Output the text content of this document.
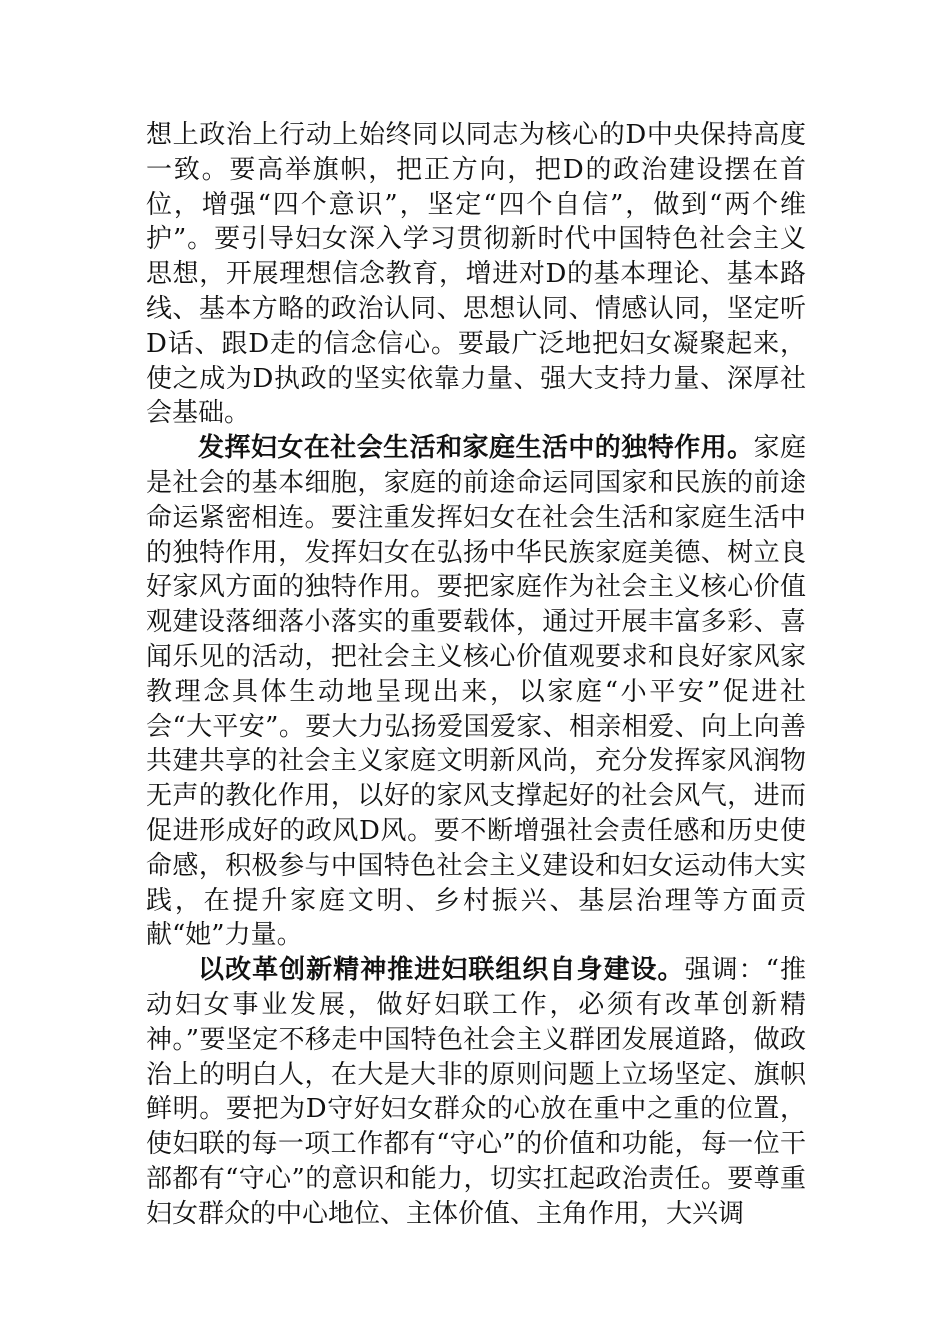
想上政治上行动上始终同以同志为核心的D中央保持高度一致。要高举旗帜，把正方向，把D的政治建设摆在首位，增强“四个意识”，坚定“四个自信”，做到“两个维护”。要引导妇女深入学习贯彻新时代中国特色社会主义思想，开展理想信念教育，增进对D的基本理论、基本路线、基本方略的政治认同、思想认同、情感认同，坚定听D话、跟D走的信念信心。要最广泛地把妇女凝聚起来，使之成为D执政的坚实依靠力量、强大支持力量、深厚社会基础。

发挥妇女在社会生活和家庭生活中的独特作用。家庭是社会的基本细胞，家庭的前途命运同国家和民族的前途命运紧密相连。要注重发挥妇女在社会生活和家庭生活中的独特作用，发挥妇女在弘扬中华民族家庭美德、树立良好家风方面的独特作用。要把家庭作为社会主义核心价值观建设落细落小落实的重要载体，通过开展丰富多彩、喜闻乐见的活动，把社会主义核心价值观要求和良好家风家教理念具体生动地呈现出来，以家庭“小平安”促进社会“大平安”。要大力弘扬爱国爱家、相亲相爱、向上向善共建共享的社会主义家庭文明新风尚，充分发挥家风润物无声的教化作用，以好的家风支撑起好的社会风气，进而促进形成好的政风D风。要不断增强社会责任感和历史使命感，积极参与中国特色社会主义建设和妇女运动伟大实践，在提升家庭文明、乡村振兴、基层治理等方面贡献“她”力量。

以改革创新精神推进妇联组织自身建设。强调：“推动妇女事业发展，做好妇联工作，必须有改革创新精神。”要坚定不移走中国特色社会主义群团发展道路，做政治上的明白人，在大是大非的原则问题上立场坚定、旗帜鲜明。要把为D守好妇女群众的心放在重中之重的位置，使妇联的每一项工作都有“守心”的价值和功能，每一位干部都有“守心”的意识和能力，切实扛起政治责任。要尊重妇女群众的中心地位、主体价值、主角作用，大兴调
